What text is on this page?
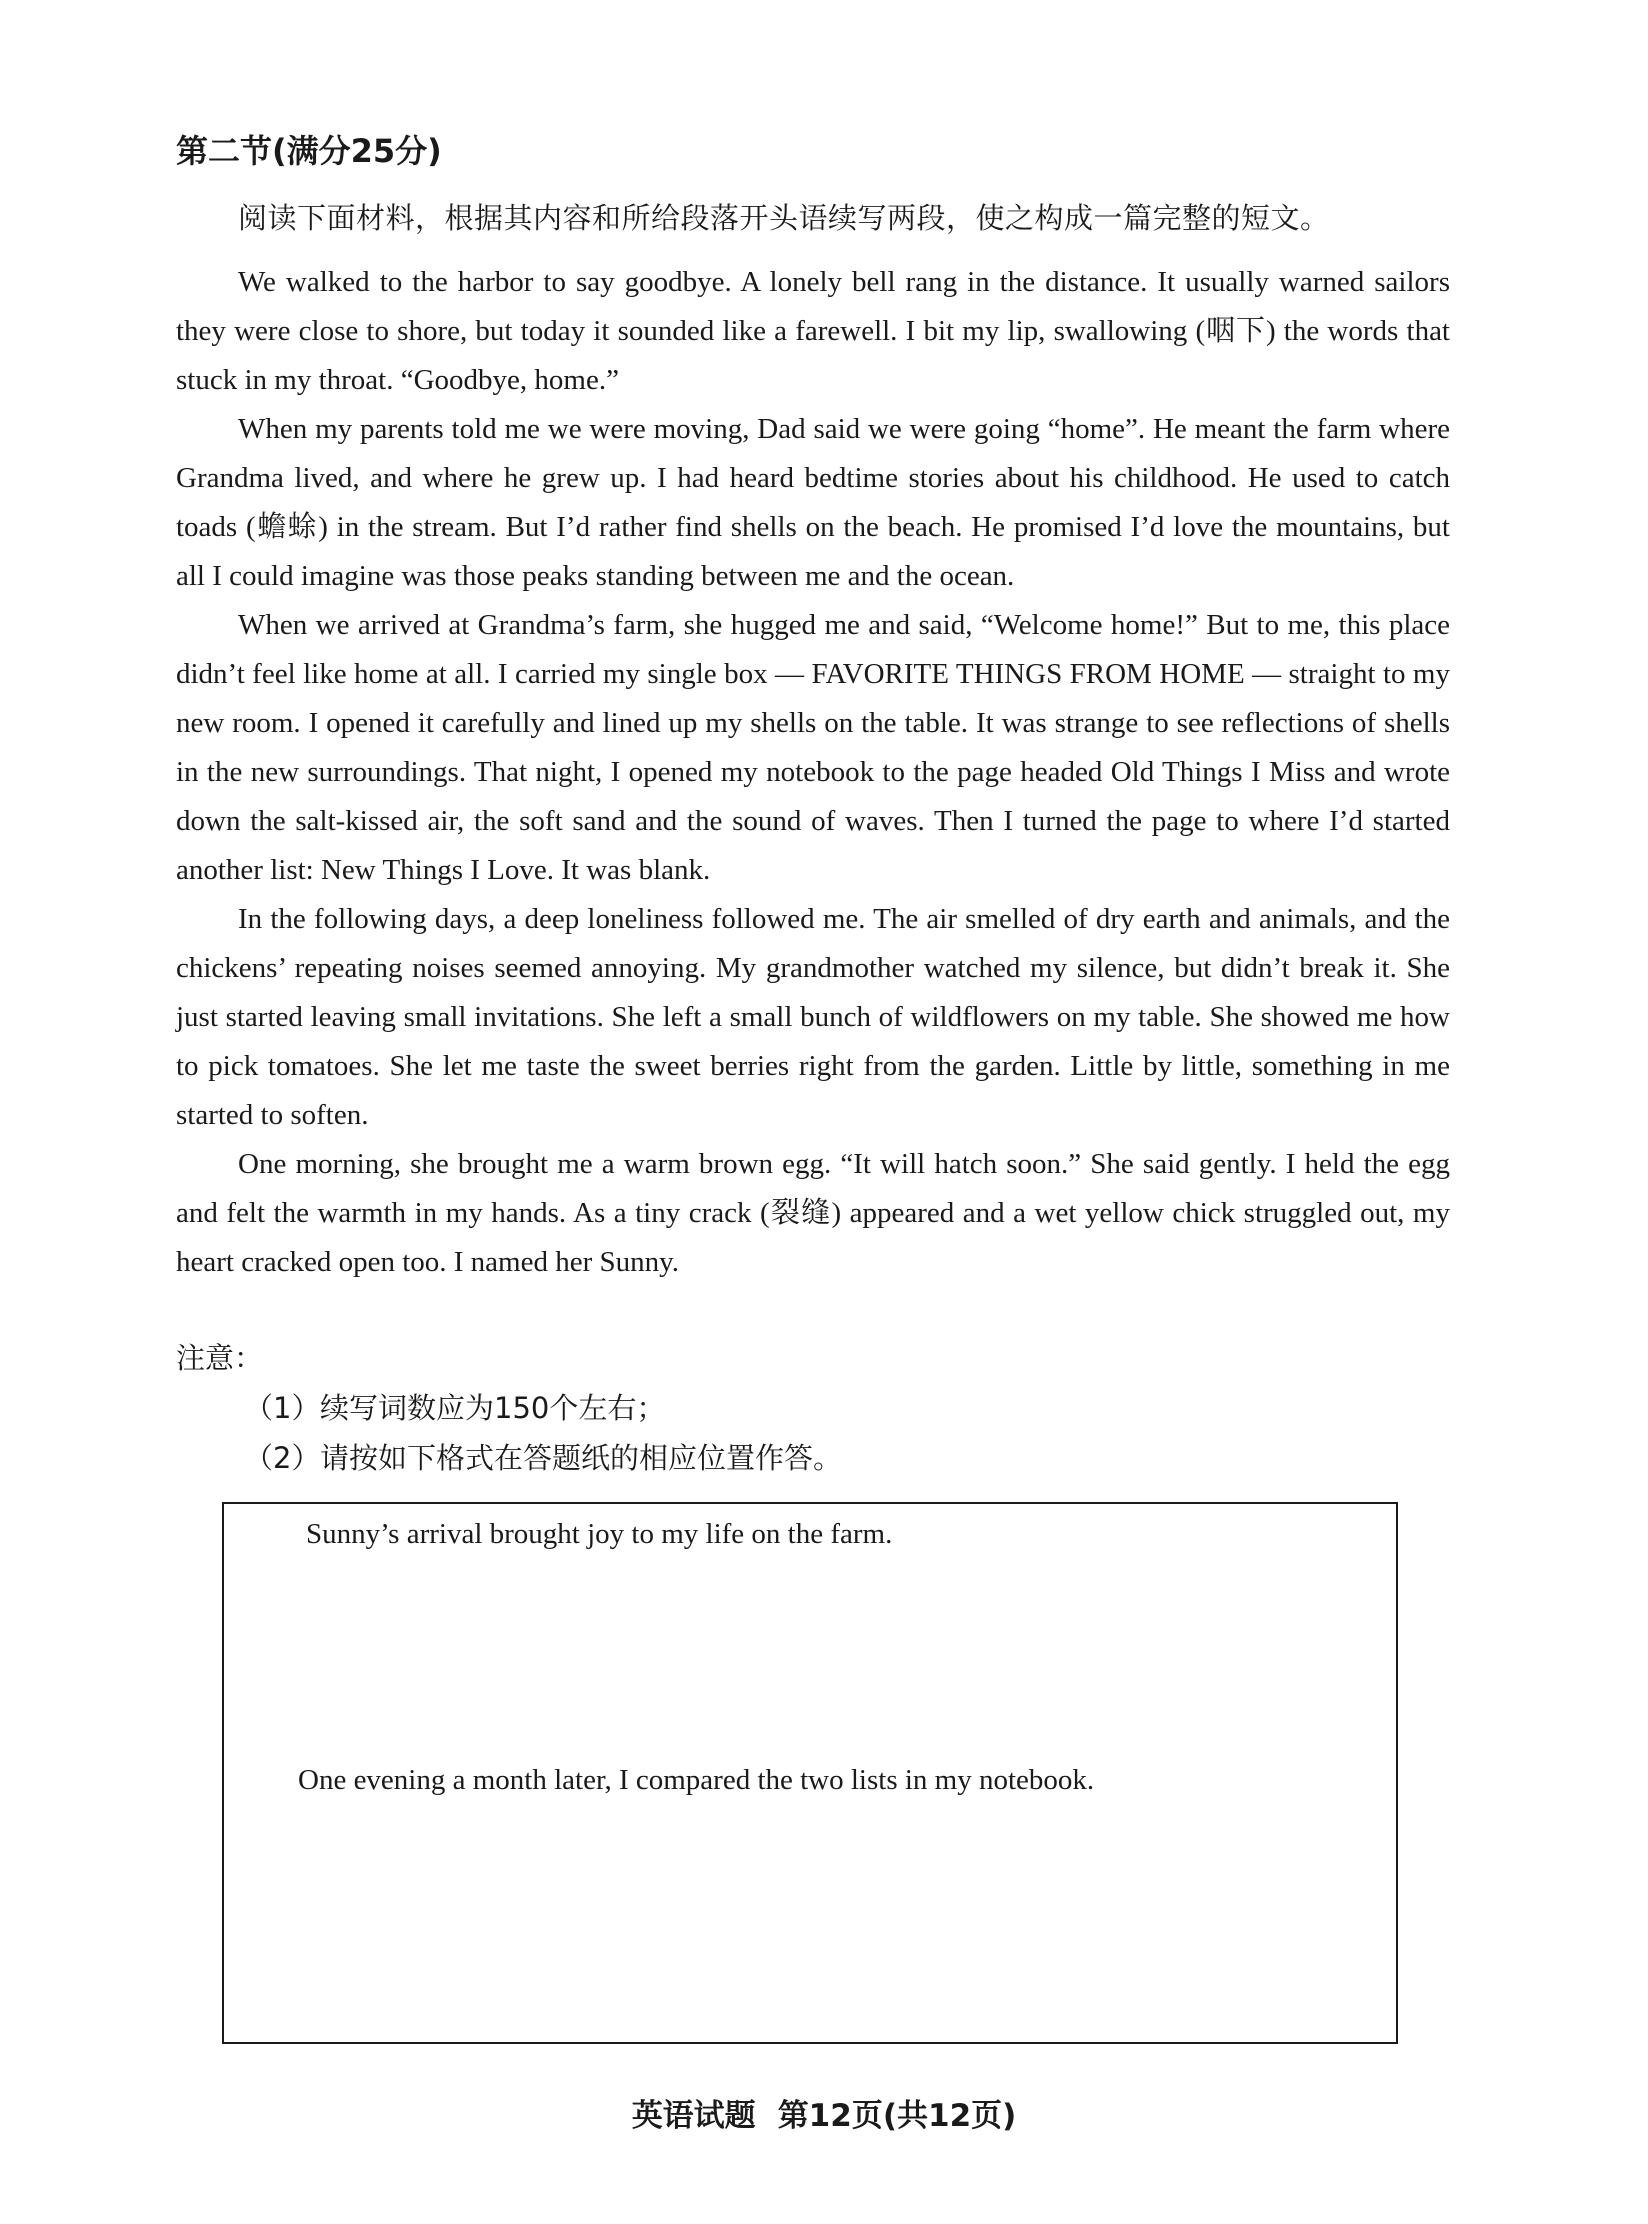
第二节(满分25分)
阅读下面材料，根据其内容和所给段落开头语续写两段，使之构成一篇完整的短文。

We walked to the harbor to say goodbye. A lonely bell rang in the distance. It usually warned sailors they were close to shore, but today it sounded like a farewell. I bit my lip, swallowing (咽下) the words that stuck in my throat. “Goodbye, home.”

When my parents told me we were moving, Dad said we were going “home”. He meant the farm where Grandma lived, and where he grew up. I had heard bedtime stories about his childhood. He used to catch toads (蟾蜍) in the stream. But I’d rather find shells on the beach. He promised I’d love the mountains, but all I could imagine was those peaks standing between me and the ocean.

When we arrived at Grandma’s farm, she hugged me and said, “Welcome home!” But to me, this place didn’t feel like home at all. I carried my single box — FAVORITE THINGS FROM HOME — straight to my new room. I opened it carefully and lined up my shells on the table. It was strange to see reflections of shells in the new surroundings. That night, I opened my notebook to the page headed Old Things I Miss and wrote down the salt-kissed air, the soft sand and the sound of waves. Then I turned the page to where I’d started another list: New Things I Love. It was blank.

In the following days, a deep loneliness followed me. The air smelled of dry earth and animals, and the chickens’ repeating noises seemed annoying. My grandmother watched my silence, but didn’t break it. She just started leaving small invitations. She left a small bunch of wildflowers on my table. She showed me how to pick tomatoes. She let me taste the sweet berries right from the garden. Little by little, something in me started to soften.

One morning, she brought me a warm brown egg. “It will hatch soon.” She said gently. I held the egg and felt the warmth in my hands. As a tiny crack (裂缝) appeared and a wet yellow chick struggled out, my heart cracked open too. I named her Sunny.

注意：
（1）续写词数应为150个左右；
（2）请按如下格式在答题纸的相应位置作答。
Sunny’s arrival brought joy to my life on the farm.
One evening a month later, I compared the two lists in my notebook.
英语试题 第12页(共12页)
